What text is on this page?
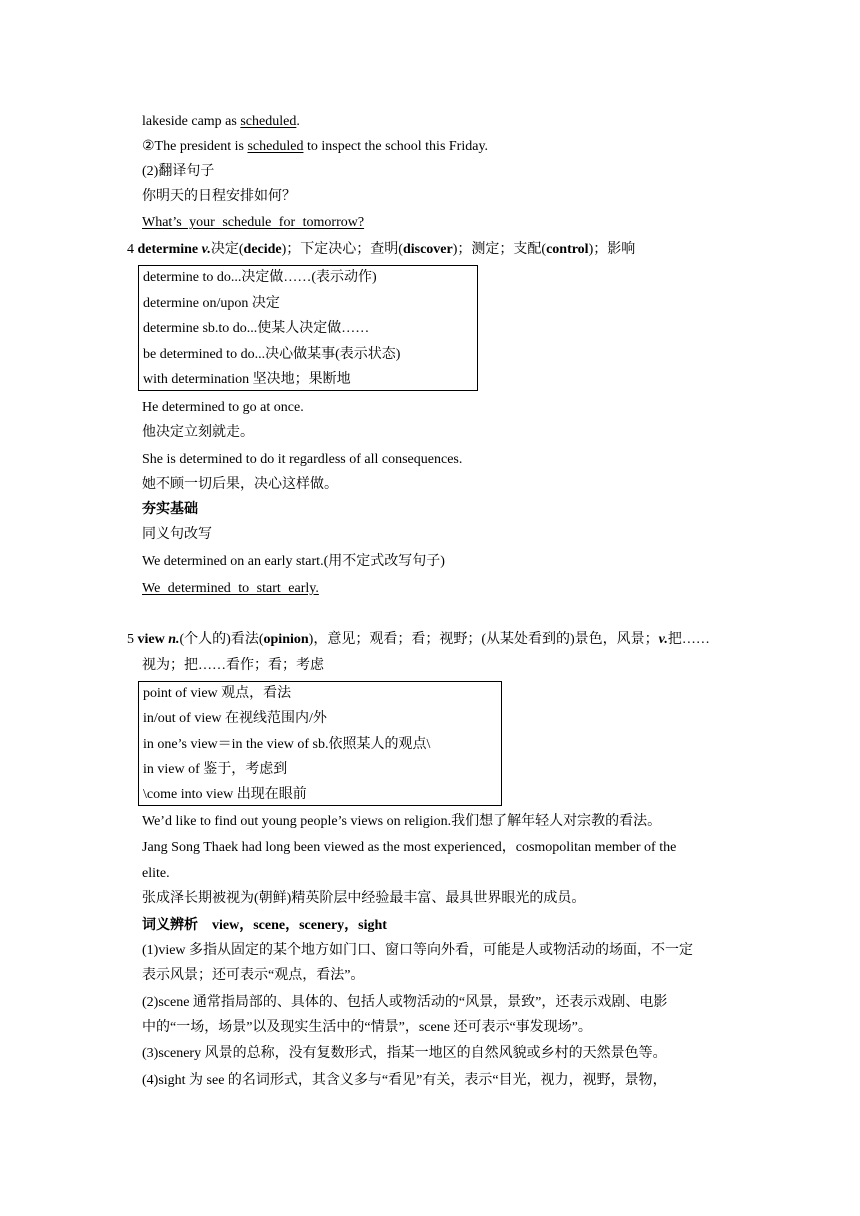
lakeside camp as scheduled.
②The president is scheduled to inspect the school this Friday.
(2)翻译句子
你明天的日程安排如何？
What’s your schedule for tomorrow?
4 determine v.决定(decide)；下定决心；查明(discover)；测定；支配(control)；影响
determine to do...决定做……(表示动作)
determine on/upon 决定
determine sb.to do...使某人决定做……
be determined to do...决心做某事(表示状态)
with determination 坚决地；果断地
He determined to go at once.
他决定立刻就走。
She is determined to do it regardless of all consequences.
她不顾一切后果，决心这样做。
夯实基础
同义句改写
We determined on an early start.(用不定式改写句子)
We determined to start early.
5 view n.(个人的)看法(opinion)，意见；观看；看；视野；(从某处看到的)景色，风景；v.把……
视为；把……看作；看；考虑
point of view 观点，看法
in/out of view 在视线范围内/外
in one’s view＝in the view of sb.依照某人的观点\
in view of 鉴于，考虑到
\come into view 出现在眼前
We’d like to find out young people’s views on religion.我们想了解年轻人对宗教的看法。
Jang Song Thaek had long been viewed as the most experienced，cosmopolitan member of the
elite.
张成泽长期被视为(朝鲜)精英阶层中经验最丰富、最具世界眼光的成员。
词义辨析　view，scene，scenery，sight
(1)view 多指从固定的某个地方如门口、窗口等向外看，可能是人或物活动的场面，不一定
表示风景；还可表示“观点，看法”。
(2)scene 通常指局部的、具体的、包括人或物活动的“风景，景致”，还表示戏剧、电影
中的“一场，场景”以及现实生活中的“情景”，scene 还可表示“事发现场”。
(3)scenery 风景的总称，没有复数形式，指某一地区的自然风貌或乡村的天然景色等。
(4)sight 为 see 的名词形式，其含义多与“看见”有关，表示“目光，视力，视野，景物，
